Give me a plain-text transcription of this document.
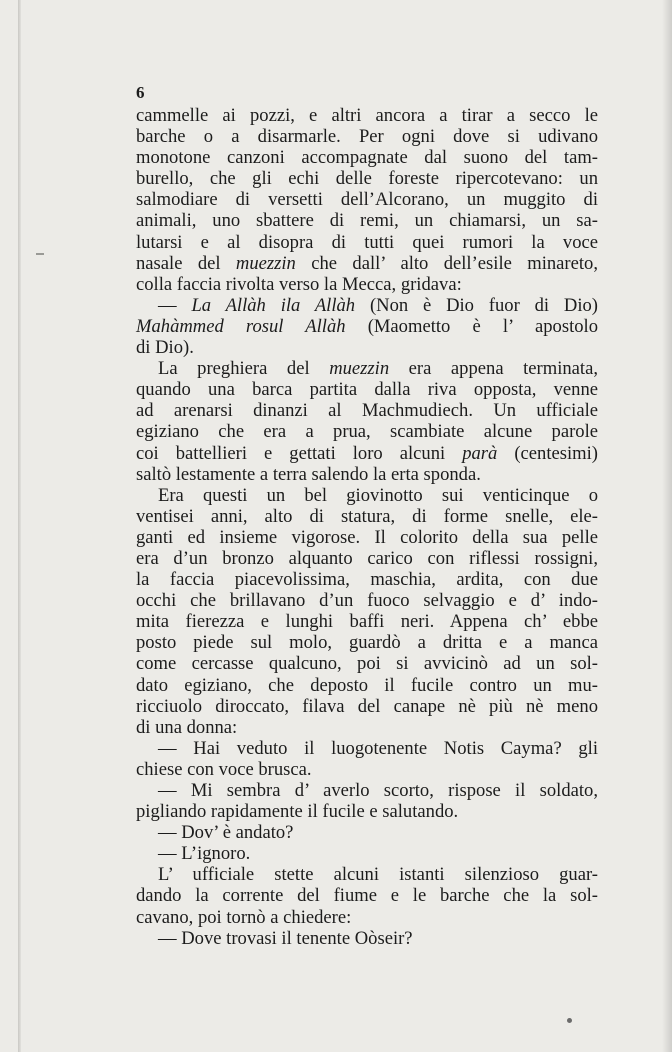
6
cammelle ai pozzi, e altri ancora a tirar a secco le
barche o a disarmarle. Per ogni dove si udivano
monotone canzoni accompagnate dal suono del tam-
burello, che gli echi delle foreste ripercotevano: un
salmodiare di versetti dell’Alcorano, un muggito di
animali, uno sbattere di remi, un chiamarsi, un sa-
lutarsi e al disopra di tutti quei rumori la voce
nasale del muezzin che dall’ alto dell’esile minareto,
colla faccia rivolta verso la Mecca, gridava:
— La Allàh ila Allàh (Non è Dio fuor di Dio)
Mahàmmed rosul Allàh (Maometto è l’ apostolo
di Dio).
La preghiera del muezzin era appena terminata,
quando una barca partita dalla riva opposta, venne
ad arenarsi dinanzi al Machmudiech. Un ufficiale
egiziano che era a prua, scambiate alcune parole
coi battellieri e gettati loro alcuni parà (centesimi)
saltò lestamente a terra salendo la erta sponda.
Era questi un bel giovinotto sui venticinque o
ventisei anni, alto di statura, di forme snelle, ele-
ganti ed insieme vigorose. Il colorito della sua pelle
era d’un bronzo alquanto carico con riflessi rossigni,
la faccia piacevolissima, maschia, ardita, con due
occhi che brillavano d’un fuoco selvaggio e d’ indo-
mita fierezza e lunghi baffi neri. Appena ch’ ebbe
posto piede sul molo, guardò a dritta e a manca
come cercasse qualcuno, poi si avvicinò ad un sol-
dato egiziano, che deposto il fucile contro un mu-
ricciuolo diroccato, filava del canape nè più nè meno
di una donna:
— Hai veduto il luogotenente Notis Cayma? gli
chiese con voce brusca.
— Mi sembra d’ averlo scorto, rispose il soldato,
pigliando rapidamente il fucile e salutando.
— Dov’ è andato?
— L’ignoro.
L’ ufficiale stette alcuni istanti silenzioso guar-
dando la corrente del fiume e le barche che la sol-
cavano, poi tornò a chiedere:
— Dove trovasi il tenente Oòseir?
